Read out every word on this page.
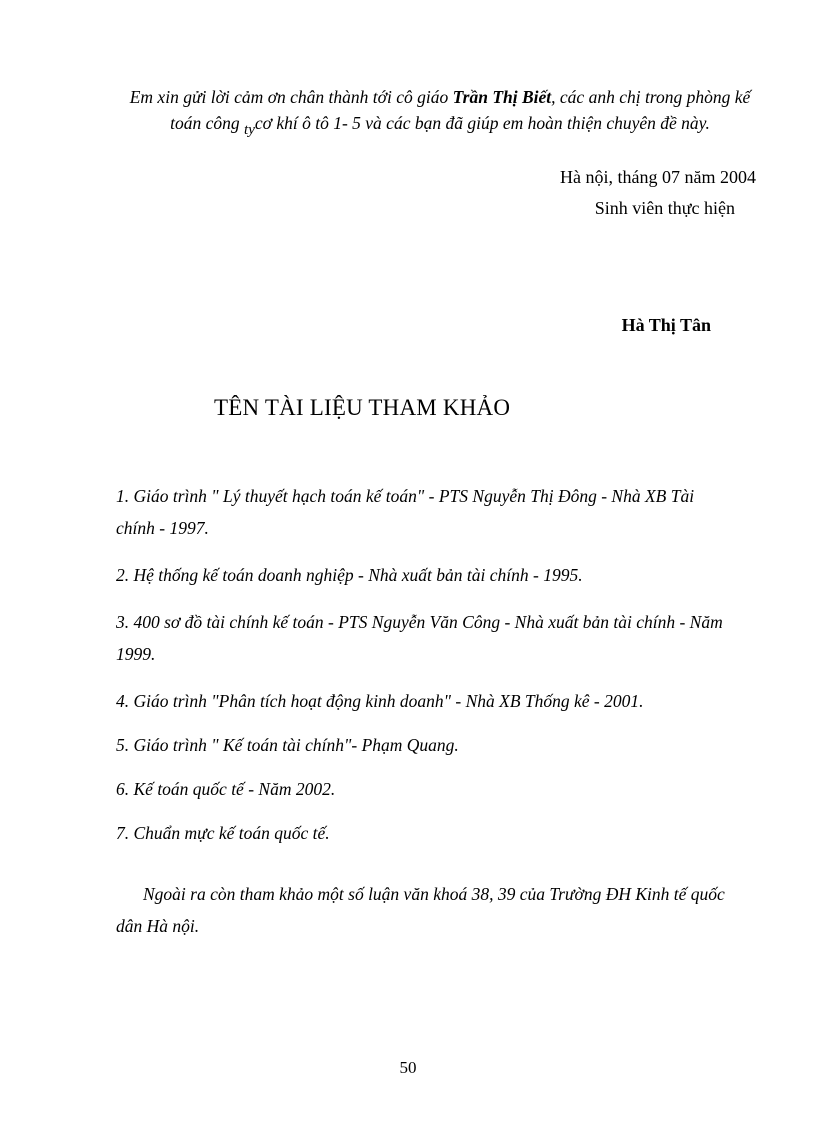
Em xin gửi lời cảm ơn chân thành tới cô giáo Trần Thị Biết, các anh chị trong phòng kế toán công tycơ khí ô tô 1- 5 và các bạn đã giúp em hoàn thiện chuyên đề này.
Hà nội, tháng 07 năm 2004
Sinh viên thực hiện
Hà Thị Tân
TÊN TÀI LIỆU THAM KHẢO
1. Giáo trình " Lý thuyết hạch toán kế toán" - PTS Nguyễn Thị Đông - Nhà XB Tài chính - 1997.
2. Hệ thống kế toán doanh nghiệp - Nhà xuất bản tài chính - 1995.
3. 400 sơ đồ tài chính kế toán - PTS Nguyễn Văn Công - Nhà xuất bản tài chính - Năm 1999.
4. Giáo trình "Phân tích hoạt động kinh doanh" - Nhà XB Thống kê - 2001.
5. Giáo trình " Kế toán tài chính"- Phạm Quang.
6. Kế toán quốc tế - Năm 2002.
7. Chuẩn mực kế toán quốc tế.
Ngoài ra còn tham khảo một số luận văn khoá 38, 39 của Trường ĐH Kinh tế quốc dân Hà nội.
50
